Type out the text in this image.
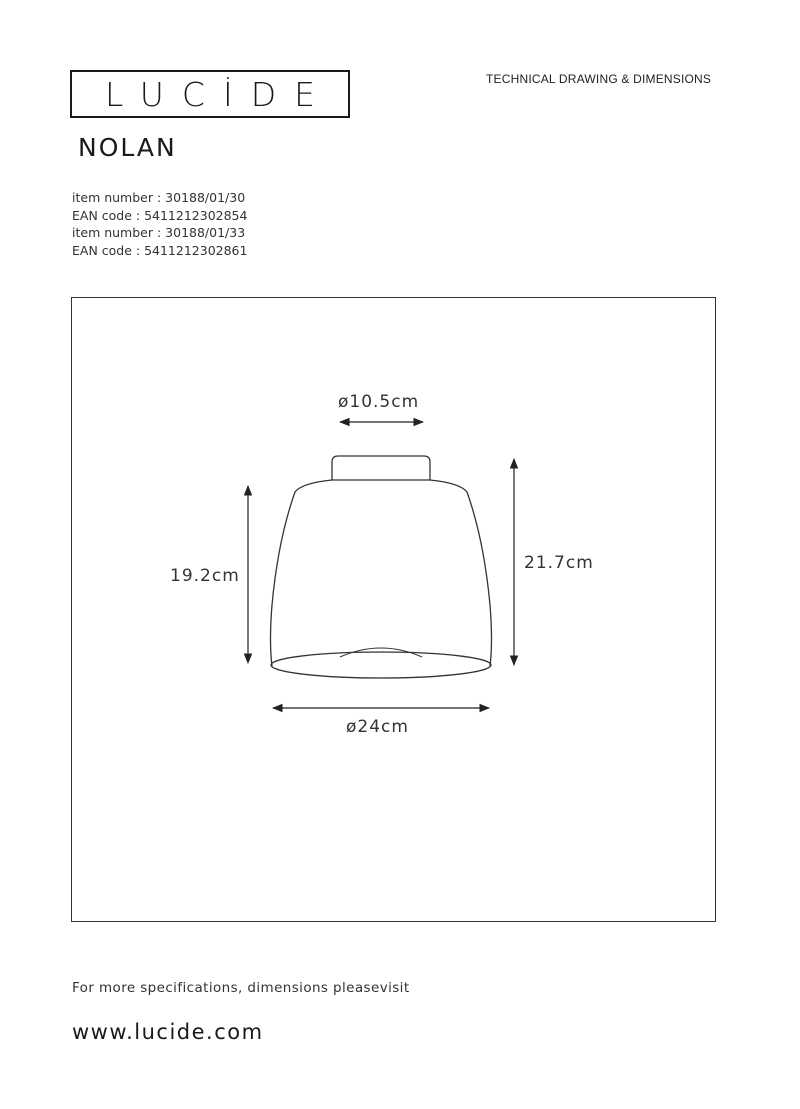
LUCİDE	TECHNICAL DRAWING & DIMENSIONS
NOLAN
item number : 30188/01/30
EAN code : 5411212302854
item number : 30188/01/33
EAN code : 5411212302861
ø10.5cm
19.2cm
21.7cm
ø24cm
For more specifications, dimensions pleasevisit
www.lucide.com
